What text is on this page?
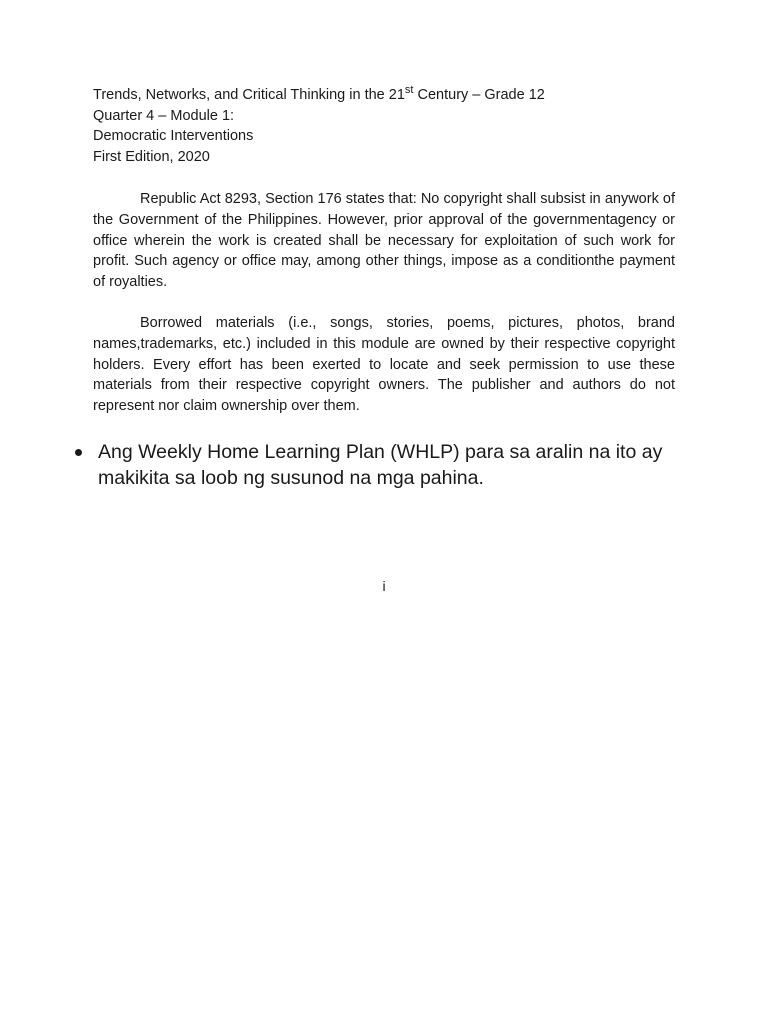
Trends, Networks, and Critical Thinking in the 21st Century – Grade 12
Quarter 4 – Module 1:
Democratic Interventions
First Edition, 2020

Republic Act 8293, Section 176 states that: No copyright shall subsist in anywork of the Government of the Philippines. However, prior approval of the governmentagency or office wherein the work is created shall be necessary for exploitation of such work for profit. Such agency or office may, among other things, impose as a conditionthe payment of royalties.

Borrowed materials (i.e., songs, stories, poems, pictures, photos, brand names,trademarks, etc.) included in this module are owned by their respective copyright holders. Every effort has been exerted to locate and seek permission to use these materials from their respective copyright owners. The publisher and authors do not represent nor claim ownership over them.

Ang Weekly Home Learning Plan (WHLP) para sa aralin na ito ay makikita sa loob ng susunod na mga pahina.
i
